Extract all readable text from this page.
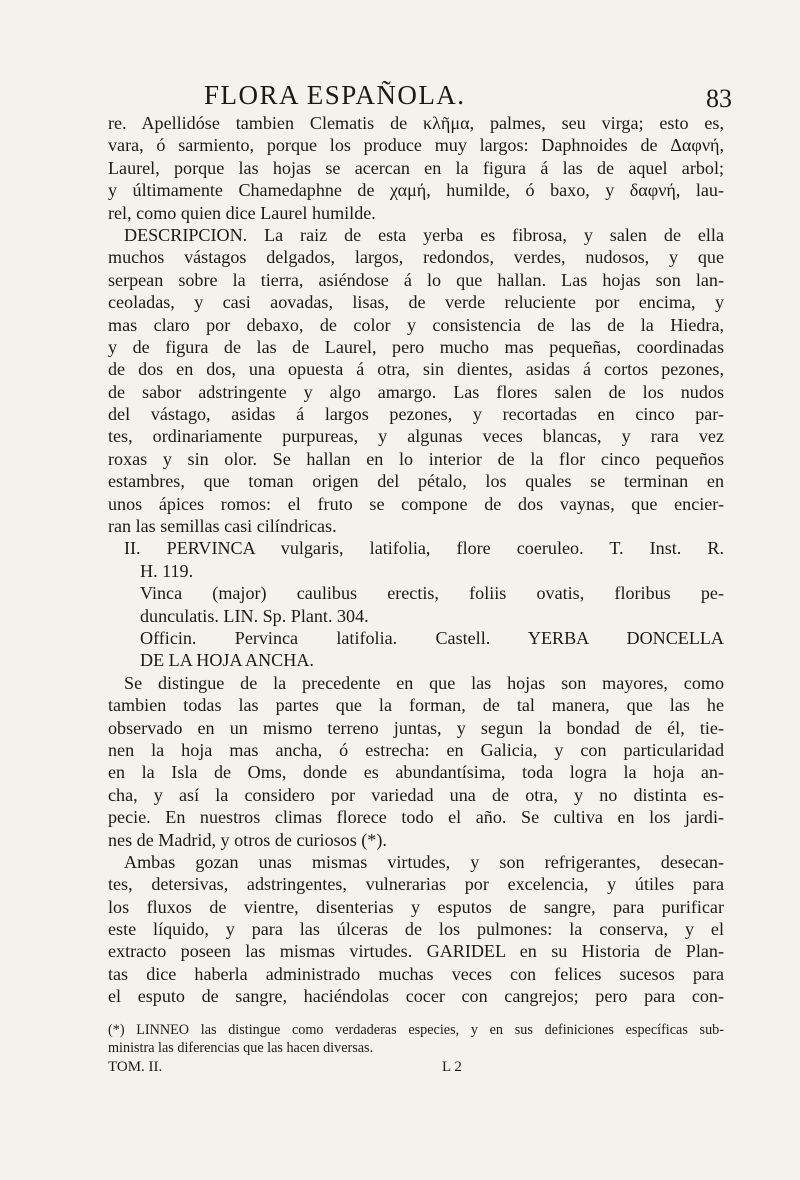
FLORA ESPAÑOLA.	83
re. Apellidóse tambien Clematis de κλῆμα, palmes, seu virga; esto es,
vara, ó sarmiento, porque los produce muy largos: Daphnoides de Δαφνή,
Laurel, porque las hojas se acercan en la figura á las de aquel arbol;
y últimamente Chamedaphne de χαμή, humilde, ó baxo, y δαφνή, lau-
rel, como quien dice Laurel humilde.
DESCRIPCION. La raiz de esta yerba es fibrosa, y salen de ella
muchos vástagos delgados, largos, redondos, verdes, nudosos, y que
serpean sobre la tierra, asiéndose á lo que hallan. Las hojas son lan-
ceoladas, y casi aovadas, lisas, de verde reluciente por encima, y
mas claro por debaxo, de color y consistencia de las de la Hiedra,
y de figura de las de Laurel, pero mucho mas pequeñas, coordinadas
de dos en dos, una opuesta á otra, sin dientes, asidas á cortos pezones,
de sabor adstringente y algo amargo. Las flores salen de los nudos
del vástago, asidas á largos pezones, y recortadas en cinco par-
tes, ordinariamente purpureas, y algunas veces blancas, y rara vez
roxas y sin olor. Se hallan en lo interior de la flor cinco pequeños
estambres, que toman origen del pétalo, los quales se terminan en
unos ápices romos: el fruto se compone de dos vaynas, que encier-
ran las semillas casi cilíndricas.
II. PERVINCA vulgaris, latifolia, flore coeruleo. T. Inst. R.
H. 119.
Vinca (major) caulibus erectis, foliis ovatis, floribus pe-
dunculatis. LIN. Sp. Plant. 304.
Officin. Pervinca latifolia. Castell. YERBA DONCELLA
DE LA HOJA ANCHA.
Se distingue de la precedente en que las hojas son mayores, como
tambien todas las partes que la forman, de tal manera, que las he
observado en un mismo terreno juntas, y segun la bondad de él, tie-
nen la hoja mas ancha, ó estrecha: en Galicia, y con particularidad
en la Isla de Oms, donde es abundantísima, toda logra la hoja an-
cha, y así la considero por variedad una de otra, y no distinta es-
pecie. En nuestros climas florece todo el año. Se cultiva en los jardi-
nes de Madrid, y otros de curiosos (*).
Ambas gozan unas mismas virtudes, y son refrigerantes, desecan-
tes, detersivas, adstringentes, vulnerarias por excelencia, y útiles para
los fluxos de vientre, disenterias y esputos de sangre, para purificar
este líquido, y para las úlceras de los pulmones: la conserva, y el
extracto poseen las mismas virtudes. GARIDEL en su Historia de Plan-
tas dice haberla administrado muchas veces con felices sucesos para
el esputo de sangre, haciéndolas cocer con cangrejos; pero para con-
(*) LINNEO las distingue como verdaderas especies, y en sus definiciones específicas sub-
ministra las diferencias que las hacen diversas.
TOM. II.	L 2
